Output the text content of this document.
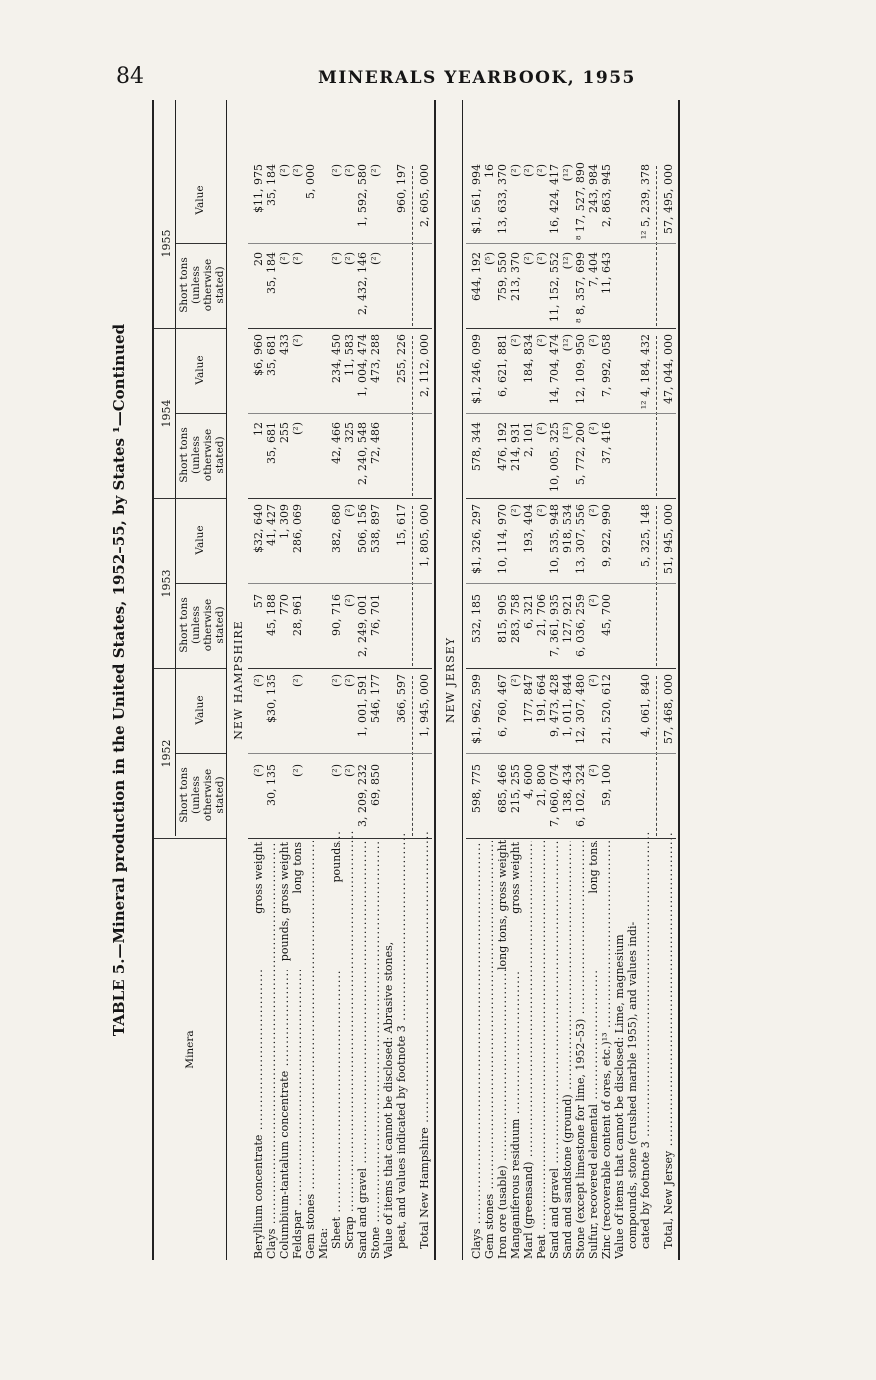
84	MINERALS YEARBOOK, 1955
TABLE 5.—Mineral production in the United States, 1952–55, by States ¹—Continued
Minera
1952
1953
1954
1955
Short tons (unless otherwise stated)
Value
Short tons (unless otherwise stated)
Value
Short tons (unless otherwise stated)
Value
Short tons (unless otherwise stated)
Value
Beryllium concentrate .....
gross weight
(²)
(²)
57
$32, 640
12
$6, 960
20
$11, 975
Clays .....
30, 135
$30, 135
45, 188
41, 427
35, 681
35, 681
35, 184
35, 184
Columbium-tantalum concentrate .....
pounds, gross weight
770
1, 309
255
433
(²)
(²)
Feldspar .....
long tons
(²)
(²)
28, 961
286, 069
(²)
(²)
(²)
(²)
Gem stones .....
5, 000
Mica: Sheet .....
pounds
(²)
(²)
90, 716
382, 680
42, 466
234, 450
(²)
(²)
Scrap .....
(²)
(²)
(²)
(²)
325
11, 583
(²)
(²)
Sand and gravel .....
3, 209, 232
1, 001, 591
2, 249, 001
506, 156
2, 240, 548
1, 004, 474
2, 432, 146
1, 592, 580
Stone .....
69, 850
546, 177
76, 701
538, 897
72, 486
473, 288
(²)
(²)
Value of items that cannot be disclosed: Abrasive stones, peat, and values indicated by footnote 3 .....
366, 597
15, 617
255, 226
960, 197
Total New Hampshire .....
1, 945, 000
1, 805, 000
2, 112, 000
2, 605, 000
Clays .....
598, 775
$1, 962, 599
532, 185
$1, 326, 297
578, 344
$1, 246, 099
644, 192
$1, 561, 994
Gem stones .....
(⁵)
16
Iron ore (usable) .....
long tons, gross weight
685, 466
6, 760, 467
815, 905
10, 114, 970
476, 192
6, 621, 881
759, 550
13, 633, 370
Manganiferous residuum .....
gross weight
215, 255
(²)
283, 758
(²)
214, 931
(²)
213, 370
(²)
Marl (greensand) .....
4, 600
177, 847
6, 321
193, 404
2, 101
184, 834
(²)
(²)
Peat .....
21, 800
191, 664
21, 706
(²)
(²)
(²)
(²)
(²)
Sand and gravel .....
7, 060, 074
9, 473, 428
7, 361, 935
10, 535, 948
10, 005, 325
14, 704, 474
11, 152, 552
16, 424, 417
Sand and sandstone (ground) .....
138, 434
1, 011, 844
127, 921
918, 534
(¹²)
(¹²)
(¹²)
(¹²)
Stone (except limestone for lime, 1952–53) .....
6, 102, 324
12, 307, 480
6, 036, 259
13, 307, 556
5, 772, 200
12, 109, 950
⁸ 8, 357, 699
⁸ 17, 527, 890
Sulfur, recovered elemental .....
long tons
(²)
(²)
(²)
(²)
(²)
(²)
7, 404
243, 984
Zinc (recoverable content of ores, etc.)¹³ .....
59, 100
21, 520, 612
45, 700
9, 922, 990
37, 416
7, 992, 058
11, 643
2, 863, 945
Value of items that cannot be disclosed: Lime, magnesium compounds, stone (crushed marble 1955), and values indi- cated by footnote 3 .....
4, 061, 840
5, 325, 148
¹² 4, 184, 432
¹² 5, 239, 378
Total, New Jersey .....
57, 468, 000
51, 945, 000
47, 044, 000
57, 495, 000
NEW HAMPSHIRE	NEW JERSEY
